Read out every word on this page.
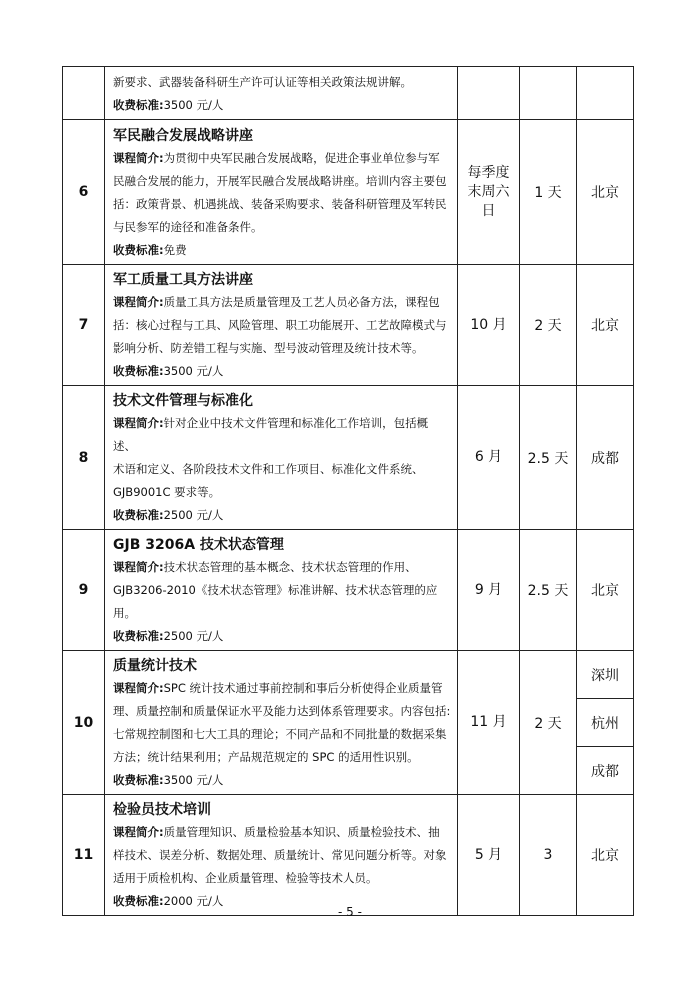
新要求、武器装备科研生产许可认证等相关政策法规讲解。
收费标准:3500 元/人

6	
军民融合发展战略讲座
课程简介:为贯彻中央军民融合发展战略，促进企事业单位参与军
民融合发展的能力，开展军民融合发展战略讲座。培训内容主要包
括：政策背景、机遇挑战、装备采购要求、装备科研管理及军转民
与民参军的途径和准备条件。
收费标准:免费

每季度
末周六
日
	1 天	北京
7	
军工质量工具方法讲座
课程简介:质量工具方法是质量管理及工艺人员必备方法，课程包
括：核心过程与工具、风险管理、职工功能展开、工艺故障模式与
影响分析、防差错工程与实施、型号波动管理及统计技术等。
收费标准:3500 元/人
	10 月	2 天	北京
8	
技术文件管理与标准化
课程简介:针对企业中技术文件管理和标准化工作培训，包括概述、
术语和定义、各阶段技术文件和工作项目、标准化文件系统、
GJB9001C 要求等。
收费标准:2500 元/人
	6 月	2.5 天	成都
9	
GJB 3206A 技术状态管理
课程简介:技术状态管理的基本概念、技术状态管理的作用、
GJB3206-2010《技术状态管理》标准讲解、技术状态管理的应用。
收费标准:2500 元/人
	9 月	2.5 天	北京
10	
质量统计技术
课程简介:SPC 统计技术通过事前控制和事后分析使得企业质量管
理、质量控制和质量保证水平及能力达到体系管理要求。内容包括:
七常规控制图和七大工具的理论；不同产品和不同批量的数据采集
方法；统计结果利用；产品规范规定的 SPC 的适用性识别。
收费标准:3500 元/人
	11 月	2 天	
深圳
杭州
成都

11	
检验员技术培训
课程简介:质量管理知识、质量检验基本知识、质量检验技术、抽
样技术、误差分析、数据处理、质量统计、常见问题分析等。对象
适用于质检机构、企业质量管理、检验等技术人员。
收费标准:2000 元/人
	5 月	3	北京
- 5 -
